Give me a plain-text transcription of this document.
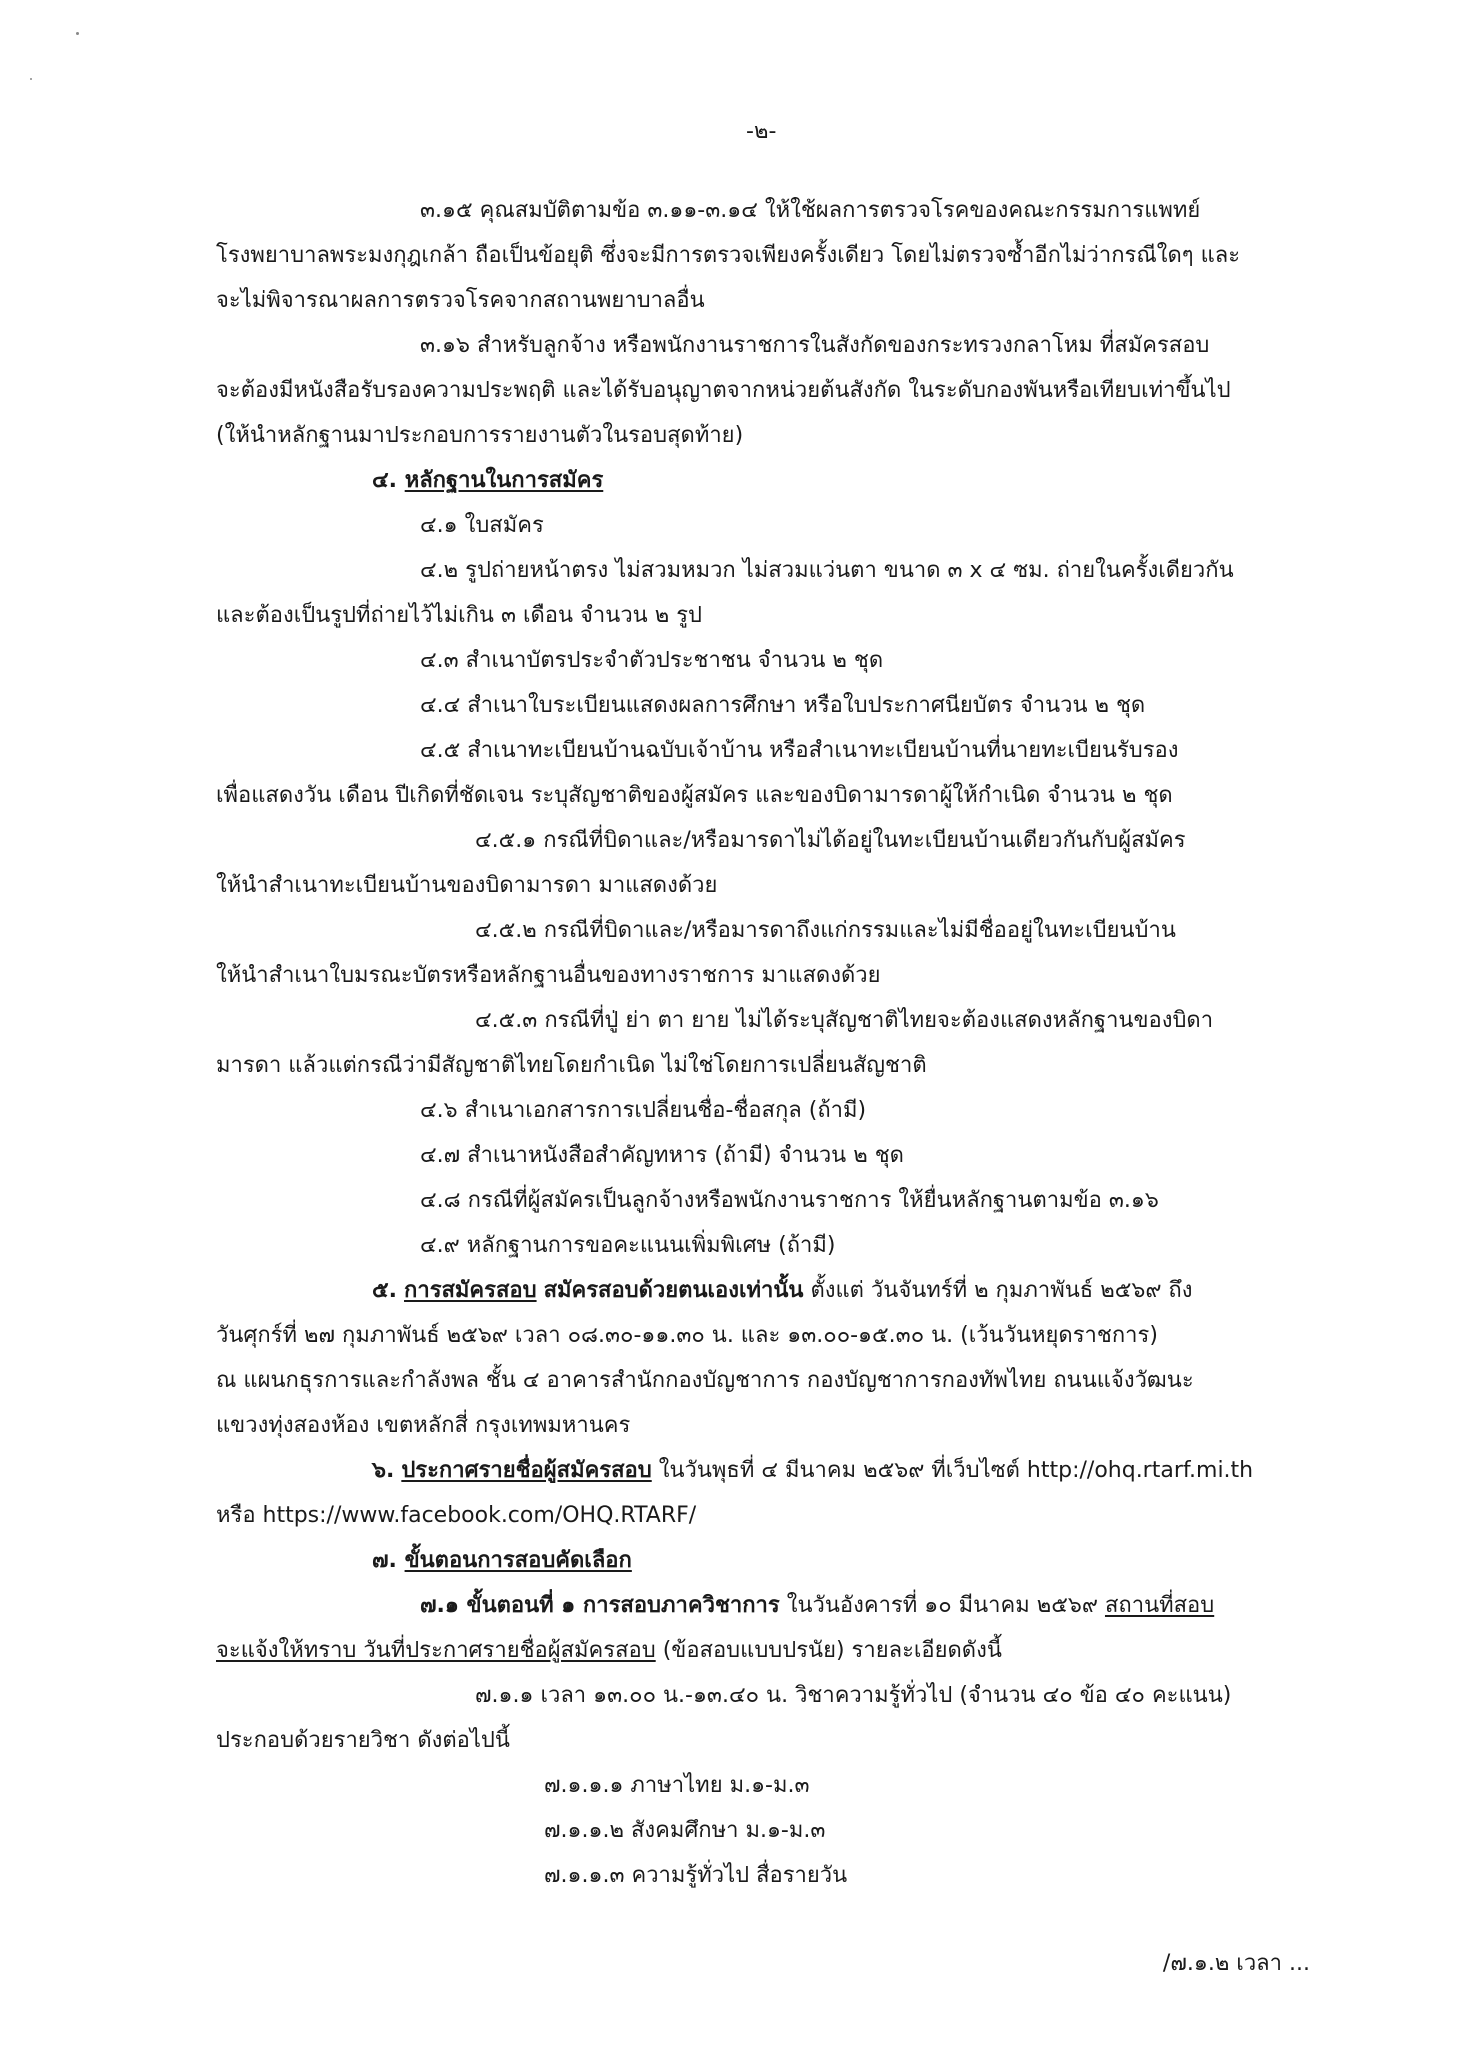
-๒-
๓.๑๕ คุณสมบัติตามข้อ ๓.๑๑-๓.๑๔ ให้ใช้ผลการตรวจโรคของคณะกรรมการแพทย์
โรงพยาบาลพระมงกุฎเกล้า ถือเป็นข้อยุติ ซึ่งจะมีการตรวจเพียงครั้งเดียว โดยไม่ตรวจซ้ำอีกไม่ว่ากรณีใดๆ และ
จะไม่พิจารณาผลการตรวจโรคจากสถานพยาบาลอื่น
๓.๑๖ สำหรับลูกจ้าง หรือพนักงานราชการในสังกัดของกระทรวงกลาโหม ที่สมัครสอบ
จะต้องมีหนังสือรับรองความประพฤติ และได้รับอนุญาตจากหน่วยต้นสังกัด ในระดับกองพันหรือเทียบเท่าขึ้นไป
(ให้นำหลักฐานมาประกอบการรายงานตัวในรอบสุดท้าย)
๔. หลักฐานในการสมัคร
๔.๑ ใบสมัคร
๔.๒ รูปถ่ายหน้าตรง ไม่สวมหมวก ไม่สวมแว่นตา ขนาด ๓ x ๔ ซม. ถ่ายในครั้งเดียวกัน
และต้องเป็นรูปที่ถ่ายไว้ไม่เกิน ๓ เดือน จำนวน ๒ รูป
๔.๓ สำเนาบัตรประจำตัวประชาชน จำนวน ๒ ชุด
๔.๔ สำเนาใบระเบียนแสดงผลการศึกษา หรือใบประกาศนียบัตร จำนวน ๒ ชุด
๔.๕ สำเนาทะเบียนบ้านฉบับเจ้าบ้าน หรือสำเนาทะเบียนบ้านที่นายทะเบียนรับรอง
เพื่อแสดงวัน เดือน ปีเกิดที่ชัดเจน ระบุสัญชาติของผู้สมัคร และของบิดามารดาผู้ให้กำเนิด จำนวน ๒ ชุด
๔.๕.๑ กรณีที่บิดาและ/หรือมารดาไม่ได้อยู่ในทะเบียนบ้านเดียวกันกับผู้สมัคร
ให้นำสำเนาทะเบียนบ้านของบิดามารดา มาแสดงด้วย
๔.๕.๒ กรณีที่บิดาและ/หรือมารดาถึงแก่กรรมและไม่มีชื่ออยู่ในทะเบียนบ้าน
ให้นำสำเนาใบมรณะบัตรหรือหลักฐานอื่นของทางราชการ มาแสดงด้วย
๔.๕.๓ กรณีที่ปู่ ย่า ตา ยาย ไม่ได้ระบุสัญชาติไทยจะต้องแสดงหลักฐานของบิดา
มารดา แล้วแต่กรณีว่ามีสัญชาติไทยโดยกำเนิด ไม่ใช่โดยการเปลี่ยนสัญชาติ
๔.๖ สำเนาเอกสารการเปลี่ยนชื่อ-ชื่อสกุล (ถ้ามี)
๔.๗ สำเนาหนังสือสำคัญทหาร (ถ้ามี) จำนวน ๒ ชุด
๔.๘ กรณีที่ผู้สมัครเป็นลูกจ้างหรือพนักงานราชการ ให้ยื่นหลักฐานตามข้อ ๓.๑๖
๔.๙ หลักฐานการขอคะแนนเพิ่มพิเศษ (ถ้ามี)
๕. การสมัครสอบ สมัครสอบด้วยตนเองเท่านั้น ตั้งแต่ วันจันทร์ที่ ๒ กุมภาพันธ์ ๒๕๖๙ ถึง
วันศุกร์ที่ ๒๗ กุมภาพันธ์ ๒๕๖๙ เวลา ๐๘.๓๐-๑๑.๓๐ น. และ ๑๓.๐๐-๑๕.๓๐ น. (เว้นวันหยุดราชการ)
ณ แผนกธุรการและกำลังพล ชั้น ๔ อาคารสำนักกองบัญชาการ กองบัญชาการกองทัพไทย ถนนแจ้งวัฒนะ
แขวงทุ่งสองห้อง เขตหลักสี่ กรุงเทพมหานคร
๖. ประกาศรายชื่อผู้สมัครสอบ ในวันพุธที่ ๔ มีนาคม ๒๕๖๙ ที่เว็บไซต์ http://ohq.rtarf.mi.th
หรือ https://www.facebook.com/OHQ.RTARF/
๗. ขั้นตอนการสอบคัดเลือก
๗.๑ ขั้นตอนที่ ๑ การสอบภาควิชาการ ในวันอังคารที่ ๑๐ มีนาคม ๒๕๖๙ สถานที่สอบ
จะแจ้งให้ทราบ วันที่ประกาศรายชื่อผู้สมัครสอบ (ข้อสอบแบบปรนัย) รายละเอียดดังนี้
๗.๑.๑ เวลา ๑๓.๐๐ น.-๑๓.๔๐ น. วิชาความรู้ทั่วไป (จำนวน ๔๐ ข้อ ๔๐ คะแนน)
ประกอบด้วยรายวิชา ดังต่อไปนี้
๗.๑.๑.๑ ภาษาไทย ม.๑-ม.๓
๗.๑.๑.๒ สังคมศึกษา ม.๑-ม.๓
๗.๑.๑.๓ ความรู้ทั่วไป สื่อรายวัน
/๗.๑.๒ เวลา ...
